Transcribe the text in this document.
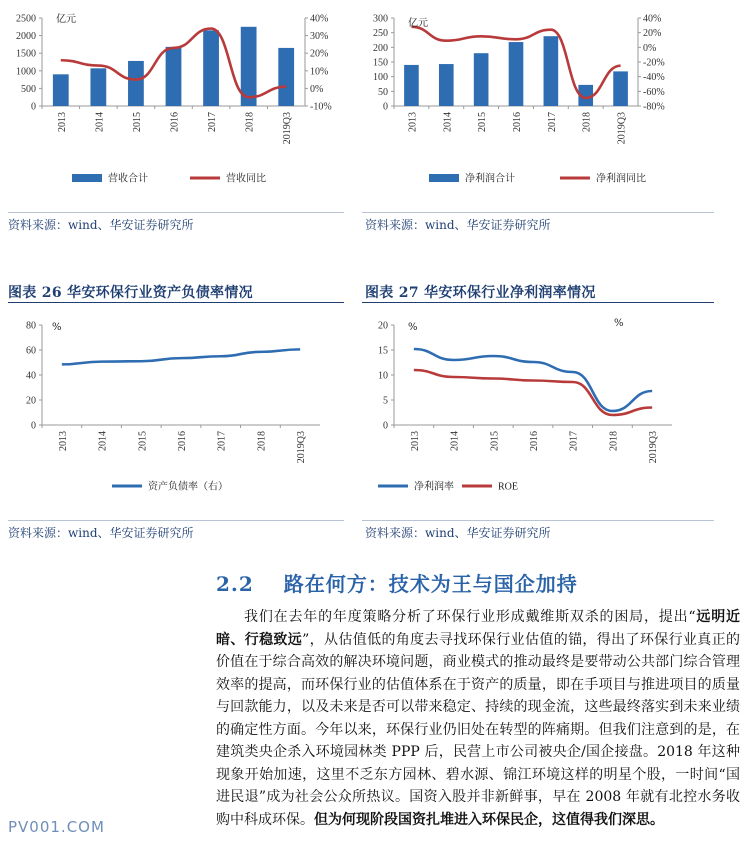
0
500
1000
1500
2000
2500
-10%
0%
10%
20%
30%
40%
2013	2014	2015	2016	2017	2018	2019Q3
营收合计	营收同比
亿元
0
50
100
150
200
250
300
-80%
-60%
-40%
-20%
0%
20%
40%
2013 2014 2015 2016 2017 2018 2019Q3
净利润合计	净利润同比
亿元
资料来源：wind、华安证券研究所	资料来源：wind、华安证券研究所
图表 26 华安环保行业资产负债率情况	图表 27 华安环保行业净利润率情况
0
20
40
60
80
2013	2014	2015	2016	2017	2018	2019Q3
资产负债率（右）
%
0
5
10
15
20
2013	2014	2015	2016	2017	2018	2019Q3
净利润率	ROE
%	%
资料来源：wind、华安证券研究所	资料来源：wind、华安证券研究所
2.2 路在何方：技术为王与国企加持
我们在去年的年度策略分析了环保行业形成戴维斯双杀的困局，提出“远明近暗、行稳致远”，从估值低的角度去寻找环保行业估值的锚，得出了环保行业真正的价值在于综合高效的解决环境问题，商业模式的推动最终是要带动公共部门综合管理效率的提高，而环保行业的估值体系在于资产的质量，即在手项目与推进项目的质量与回款能力，以及未来是否可以带来稳定、持续的现金流，这些最终落实到未来业绩的确定性方面。今年以来，环保行业仍旧处在转型的阵痛期。但我们注意到的是，在建筑类央企杀入环境园林类 PPP 后，民营上市公司被央企/国企接盘。2018 年这种现象开始加速，这里不乏东方园林、碧水源、锦江环境这样的明星个股，一时间“国进民退”成为社会公众所热议。国资入股并非新鲜事，早在 2008 年就有北控水务收购中科成环保。但为何现阶段国资扎堆进入环保民企，这值得我们深思。
PV001.COM
